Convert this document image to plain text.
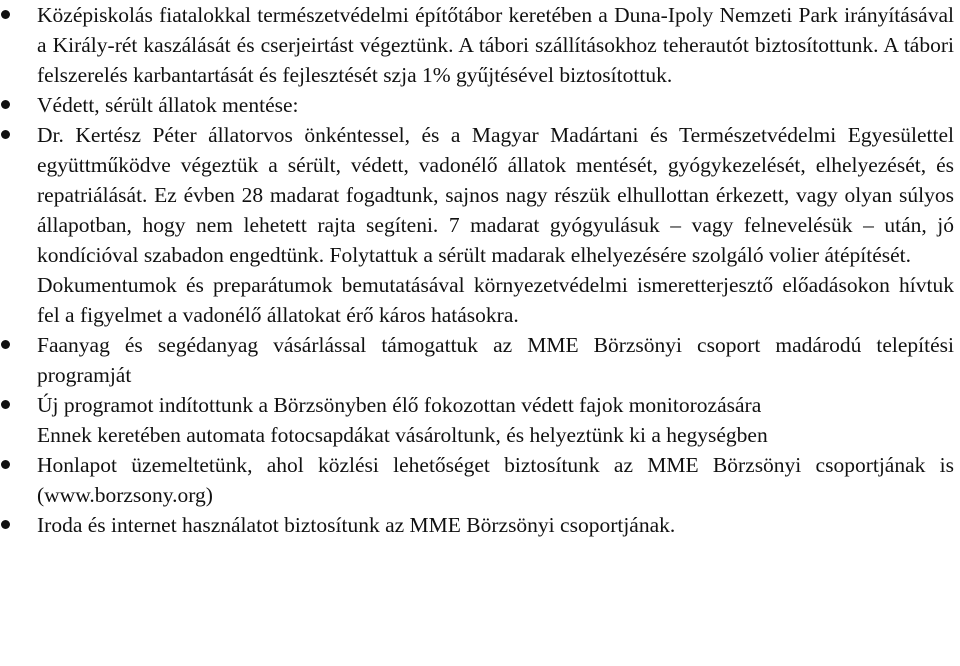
Középiskolás fiatalokkal természetvédelmi építőtábor keretében a Duna-Ipoly Nemzeti Park irányításával a Király-rét kaszálását és cserjeirtást végeztünk. A tábori szállításokhoz teherautót biztosítottunk. A tábori felszerelés karbantartását és fejlesztését szja 1% gyűjtésével biztosítottuk.
Védett, sérült állatok mentése:
Dr. Kertész Péter állatorvos önkéntessel, és a Magyar Madártani és Természetvédelmi Egyesülettel együttműködve végeztük a sérült, védett, vadonélő állatok mentését, gyógykezelését, elhelyezését, és repatriálását. Ez évben 28 madarat fogadtunk, sajnos nagy részük elhullottan érkezett, vagy olyan súlyos állapotban, hogy nem lehetett rajta segíteni. 7 madarat gyógyulásuk – vagy felnevelésük – után, jó kondícióval szabadon engedtünk. Folytattuk a sérült madarak elhelyezésére szolgáló volier átépítését.
Dokumentumok és preparátumok bemutatásával környezetvédelmi ismeretterjesztő előadásokon hívtuk fel a figyelmet a vadonélő állatokat érő káros hatásokra.
Faanyag és segédanyag vásárlással támogattuk az MME Börzsönyi csoport madárodú telepítési programját
Új programot indítottunk a Börzsönyben élő fokozottan védett fajok monitorozására
Ennek keretében automata fotocsapdákat vásároltunk, és helyeztünk ki a hegységben
Honlapot üzemeltetünk, ahol közlési lehetőséget biztosítunk az MME Börzsönyi csoportjának is (www.borzsony.org)
Iroda és internet használatot biztosítunk az MME Börzsönyi csoportjának.
